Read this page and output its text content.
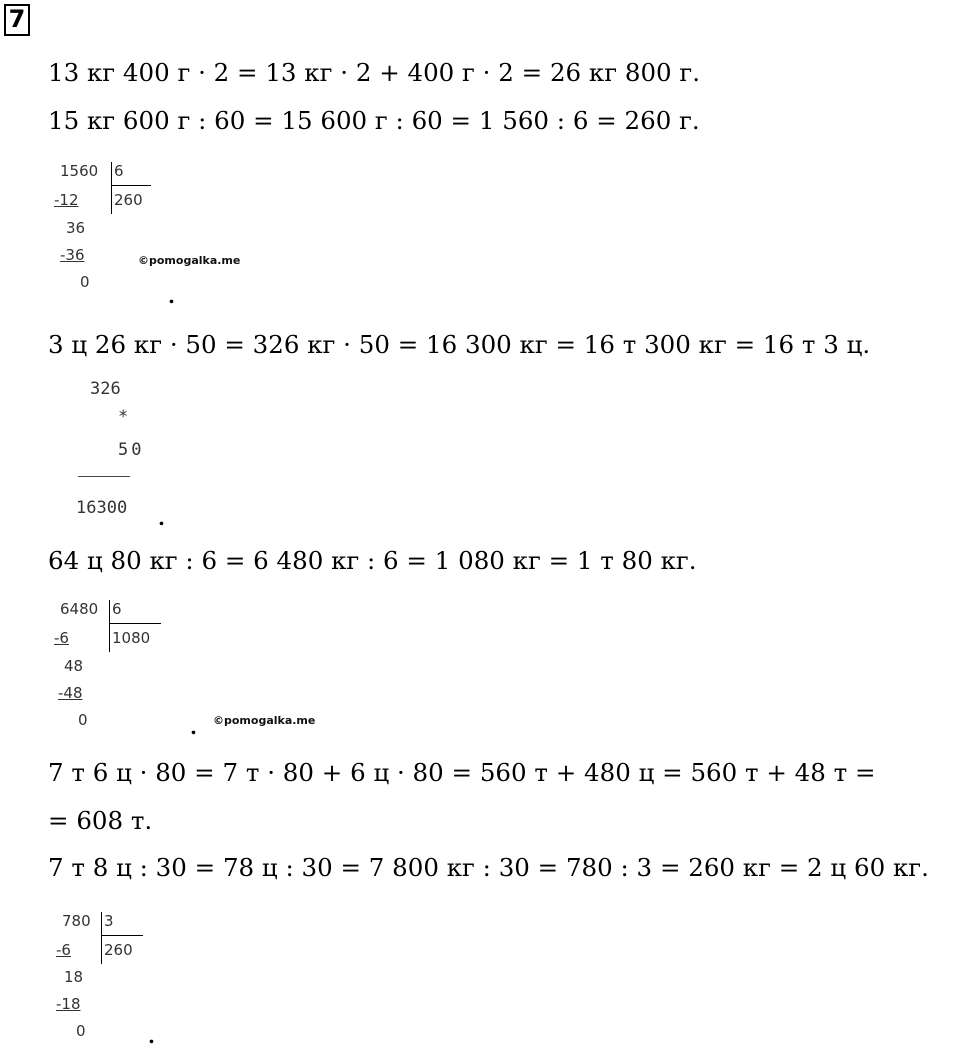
7
13 кг 400 г · 2 = 13 кг · 2 + 400 г · 2 = 26 кг 800 г.
15 кг 600 г : 60 = 15 600 г : 60 = 1 560 : 6 = 260 г.
1560 6
260
-12
36
-36
0
©pomogalka.me
.
3 ц 26 кг · 50 = 326 кг · 50 = 16 300 кг = 16 т 300 кг = 16 т 3 ц.
326
*
50
16300 .
64 ц 80 кг : 6 = 6 480 кг : 6 = 1 080 кг = 1 т 80 кг.
6480 6
1080
-6
48
-48
0	. ©pomogalka.me
7 т 6 ц · 80 = 7 т · 80 + 6 ц · 80 = 560 т + 480 ц = 560 т + 48 т =
= 608 т.
7 т 8 ц : 30 = 78 ц : 30 = 7 800 кг : 30 = 780 : 3 = 260 кг = 2 ц 60 кг.
780 3
260
-6
18
-18
0	.
